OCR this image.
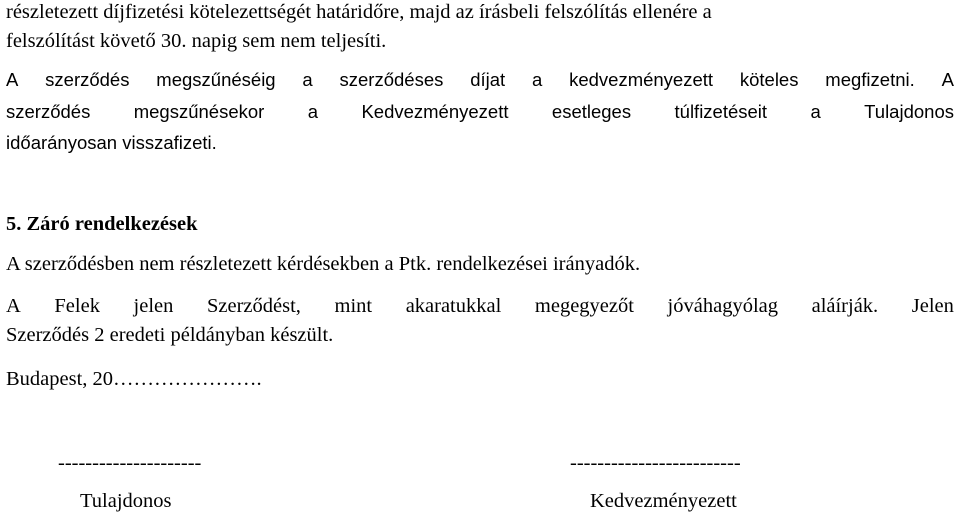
részletezett díjfizetési kötelezettségét határidőre, majd az írásbeli felszólítás ellenére a
felszólítást követő 30. napig sem nem teljesíti.
A szerződés megszűnéséig a szerződéses díjat a kedvezményezett köteles megfizetni. A
szerződés megszűnésekor a Kedvezményezett esetleges túlfizetéseit a Tulajdonos
időarányosan visszafizeti.
5. Záró rendelkezések
A szerződésben nem részletezett kérdésekben a Ptk. rendelkezései irányadók.
A Felek jelen Szerződést, mint akaratukkal megegyezőt jóváhagyólag aláírják. Jelen
Szerződés 2 eredeti példányban készült.
Budapest, 20………………….
---------------------
Tulajdonos
-------------------------
Kedvezményezett
